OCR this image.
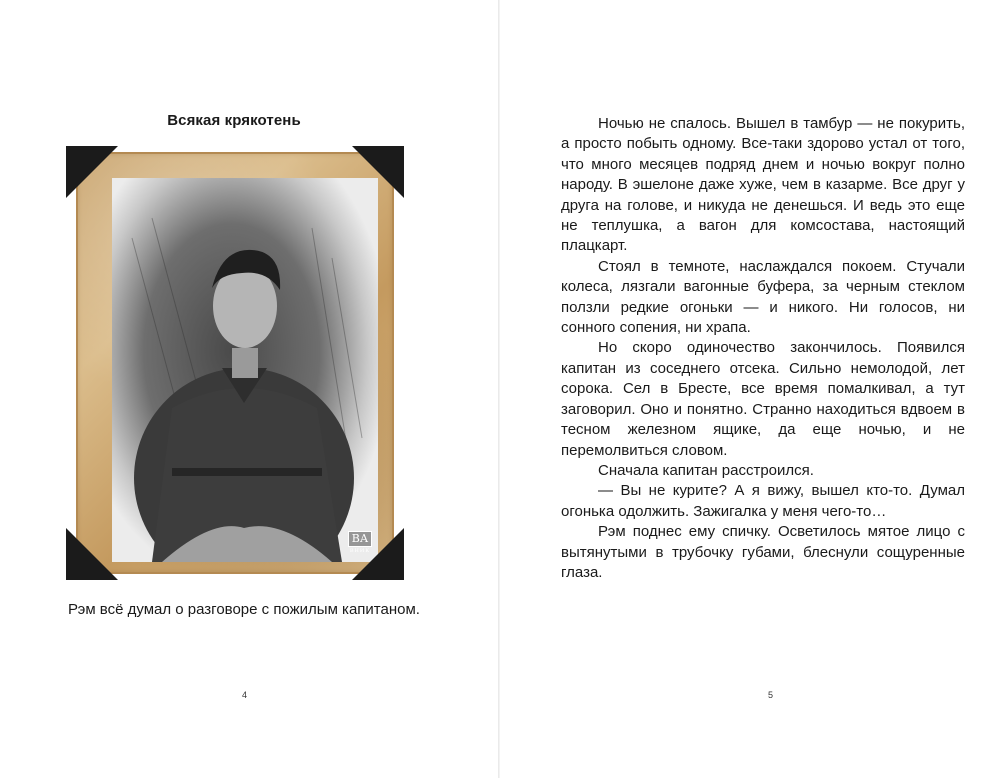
Всякая крякотень
ВА
ВНИК

Рэм всё думал о разговоре с пожилым капитаном.

4

Ночью не спалось. Вышел в тамбур — не покурить, а просто побыть одному. Все-таки здорово устал от того, что много месяцев подряд днем и ночью вокруг полно народу. В эшелоне даже хуже, чем в казарме. Все друг у друга на голове, и никуда не денешься. И ведь это еще не теплушка, а вагон для комсостава, настоящий плацкарт.

Стоял в темноте, наслаждался покоем. Стучали колеса, лязгали вагонные буфера, за черным стеклом ползли редкие огоньки — и никого. Ни голосов, ни сонного сопения, ни храпа.

Но скоро одиночество закончилось. Появился капитан из соседнего отсека. Сильно немолодой, лет сорока. Сел в Бресте, все время помалкивал, а тут заговорил. Оно и понятно. Странно находиться вдвоем в тесном железном ящике, да еще ночью, и не перемолвиться словом.

Сначала капитан расстроился.

— Вы не курите? А я вижу, вышел кто-то. Думал огонька одолжить. Зажигалка у меня чего-то…

Рэм поднес ему спичку. Осветилось мятое лицо с вытянутыми в трубочку губами, блеснули сощуренные глаза.

5
